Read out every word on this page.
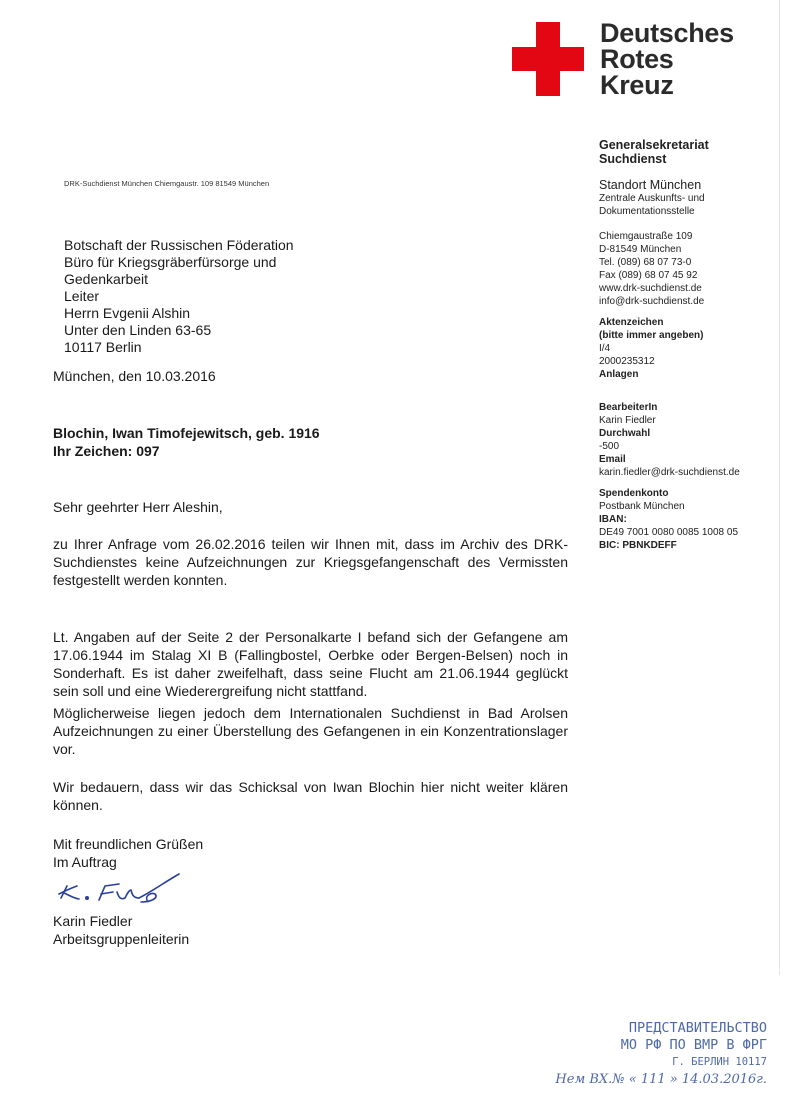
Deutsches
Rotes
Kreuz
Generalsekretariat
Suchdienst
Standort München
Zentrale Auskunfts- und
Dokumentationsstelle
Chiemgaustraße 109
D-81549 München
Tel. (089) 68 07 73-0
Fax (089) 68 07 45 92
www.drk-suchdienst.de
info@drk-suchdienst.de
Aktenzeichen
(bitte immer angeben)
I/4
2000235312
Anlagen
BearbeiterIn
Karin Fiedler
Durchwahl
-500
Email
karin.fiedler@drk-suchdienst.de
Spendenkonto
Postbank München
IBAN:
DE49 7001 0080 0085 1008 05
BIC: PBNKDEFF
DRK-Suchdienst München Chiemgaustr. 109 81549 München
Botschaft der Russischen Föderation
Büro für Kriegsgräberfürsorge und
Gedenkarbeit
Leiter
Herrn Evgenii Alshin
Unter den Linden 63-65
10117 Berlin
München, den 10.03.2016
Blochin, Iwan Timofejewitsch, geb. 1916
Ihr Zeichen: 097
Sehr geehrter Herr Aleshin,
zu Ihrer Anfrage vom 26.02.2016 teilen wir Ihnen mit, dass im Archiv des DRK-Suchdienstes keine Aufzeichnungen zur Kriegsgefangenschaft des Vermissten festgestellt werden konnten.
Lt. Angaben auf der Seite 2 der Personalkarte I befand sich der Gefangene am 17.06.1944 im Stalag XI B (Fallingbostel, Oerbke oder Bergen-Belsen) noch in Sonderhaft. Es ist daher zweifelhaft, dass seine Flucht am 21.06.1944 geglückt sein soll und eine Wiederergreifung nicht stattfand.
Möglicherweise liegen jedoch dem Internationalen Suchdienst in Bad Arolsen Aufzeichnungen zu einer Überstellung des Gefangenen in ein Konzentrationslager vor.
Wir bedauern, dass wir das Schicksal von Iwan Blochin hier nicht weiter klären können.
Mit freundlichen Grüßen
Im Auftrag
Karin Fiedler
Arbeitsgruppenleiterin
ПРЕДСТАВИТЕЛЬСТВО
МО РФ ПО ВМР В ФРГ
Г. БЕРЛИН 10117
Нем ВХ.№ « 111 » 14.03.2016г.
